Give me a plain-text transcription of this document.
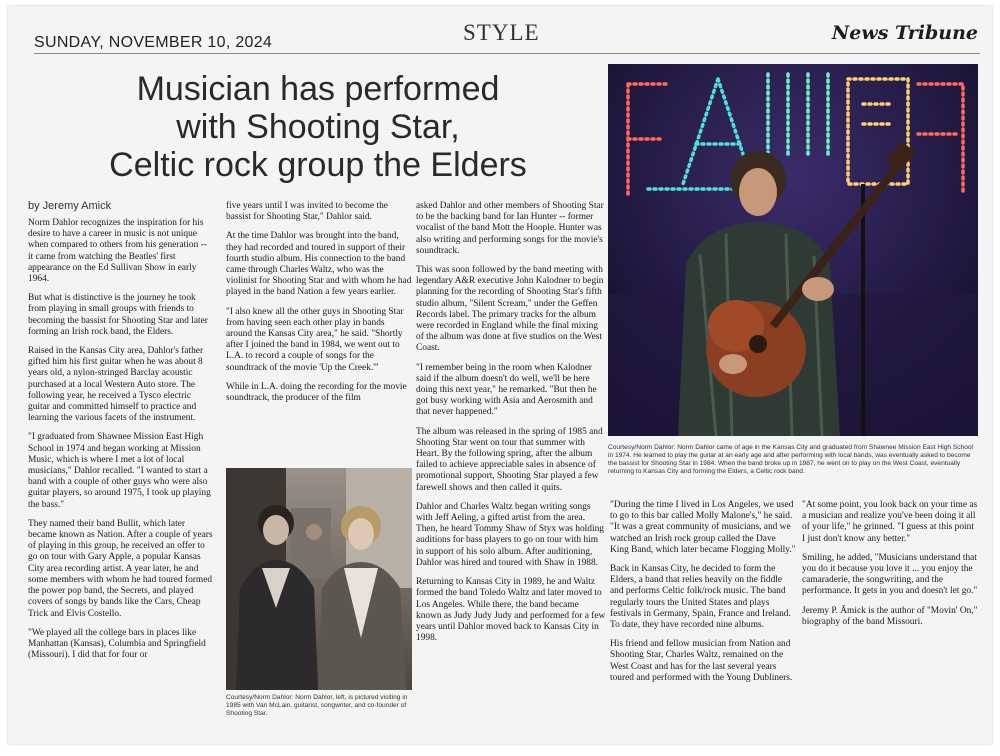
SUNDAY, NOVEMBER 10, 2024	STYLE	News Tribune
Musician has performed
with Shooting Star,
Celtic rock group the Elders
by Jeremy Amick

Norm Dahlor recognizes the inspiration for his desire to have a career in music is not unique when compared to others from his generation -- it came from watching the Beatles' first appearance on the Ed Sullivan Show in early 1964.

But what is distinctive is the journey he took from playing in small groups with friends to becoming the bassist for Shooting Star and later forming an Irish rock band, the Elders.

Raised in the Kansas City area, Dahlor's father gifted him his first guitar when he was about 8 years old, a nylon-stringed Barclay acoustic purchased at a local Western Auto store. The following year, he received a Tysco electric guitar and committed himself to practice and learning the various facets of the instrument.

"I graduated from Shawnee Mission East High School in 1974 and began working at Mission Music, which is where I met a lot of local musicians," Dahlor recalled. "I wanted to start a band with a couple of other guys who were also guitar players, so around 1975, I took up playing the bass."

They named their band Bullit, which later became known as Nation. After a couple of years of playing in this group, he received an offer to go on tour with Gary Apple, a popular Kansas City area recording artist. A year later, he and some members with whom he had toured formed the power pop band, the Secrets, and played covers of songs by bands like the Cars, Cheap Trick and Elvis Costello.

"We played all the college bars in places like Manhattan (Kansas), Columbia and Springfield (Missouri). I did that for four or

five years until I was invited to become the bassist for Shooting Star," Dahlor said.

At the time Dahlor was brought into the band, they had recorded and toured in support of their fourth studio album. His connection to the band came through Charles Waltz, who was the violinist for Shooting Star and with whom he had played in the band Nation a few years earlier.

"I also knew all the other guys in Shooting Star from having seen each other play in bands around the Kansas City area," he said. "Shortly after I joined the band in 1984, we went out to L.A. to record a couple of songs for the soundtrack of the movie 'Up the Creek.'"

While in L.A. doing the recording for the movie soundtrack, the producer of the film

Courtesy/Norm Dahlor: Norm Dahlor, left, is pictured visiting in 1985 with Van McLain, guitarist, songwriter, and co-founder of Shooting Star.

asked Dahlor and other members of Shooting Star to be the backing band for Ian Hunter -- former vocalist of the band Mott the Hoople. Hunter was also writing and performing songs for the movie's soundtrack.

This was soon followed by the band meeting with legendary A&R executive John Kalodner to begin planning for the recording of Shooting Star's fifth studio album, "Silent Scream," under the Geffen Records label. The primary tracks for the album were recorded in England while the final mixing of the album was done at five studios on the West Coast.

"I remember being in the room when Kalodner said if the album doesn't do well, we'll be here doing this next year," he remarked. "But then he got busy working with Asia and Aerosmith and that never happened."

The album was released in the spring of 1985 and Shooting Star went on tour that summer with Heart. By the following spring, after the album failed to achieve appreciable sales in absence of promotional support, Shooting Star played a few farewell shows and then called it quits.

Dahlor and Charles Waltz began writing songs with Jeff Aeling, a gifted artist from the area. Then, he heard Tommy Shaw of Styx was holding auditions for bass players to go on tour with him in support of his solo album. After auditioning, Dahlor was hired and toured with Shaw in 1988.

Returning to Kansas City in 1989, he and Waltz formed the band Toledo Waltz and later moved to Los Angeles. While there, the band became known as Judy Judy Judy and performed for a few years until Dahlor moved back to Kansas City in 1998.

Courtesy/Norm Dahlor: Norm Dahlor came of age in the Kansas City and graduated from Shawnee Mission East High School in 1974. He learned to play the guitar at an early age and after performing with local bands, was eventually asked to become the bassist for Shooting Star in 1984. When the band broke up in 1987, he went on to play on the West Coast, eventually returning to Kansas City and forming the Elders, a Celtic rock band.

"During the time I lived in Los Angeles, we used to go to this bar called Molly Malone's," he said. "It was a great community of musicians, and we watched an Irish rock group called the Dave King Band, which later became Flogging Molly."

Back in Kansas City, he decided to form the Elders, a band that relies heavily on the fiddle and performs Celtic folk/rock music. The band regularly tours the United States and plays festivals in Germany, Spain, France and Ireland. To date, they have recorded nine albums.

His friend and fellow musician from Nation and Shooting Star, Charles Waltz, remained on the West Coast and has for the last several years toured and performed with the Young Dubliners.

"At some point, you look back on your time as a musician and realize you've been doing it all of your life," he grinned. "I guess at this point I just don't know any better."

Smiling, he added, "Musicians understand that you do it because you love it ... you enjoy the camaraderie, the songwriting, and the performance. It gets in you and doesn't let go."

Jeremy P. Ămick is the author of "Movin' On," biography of the band Missouri.
